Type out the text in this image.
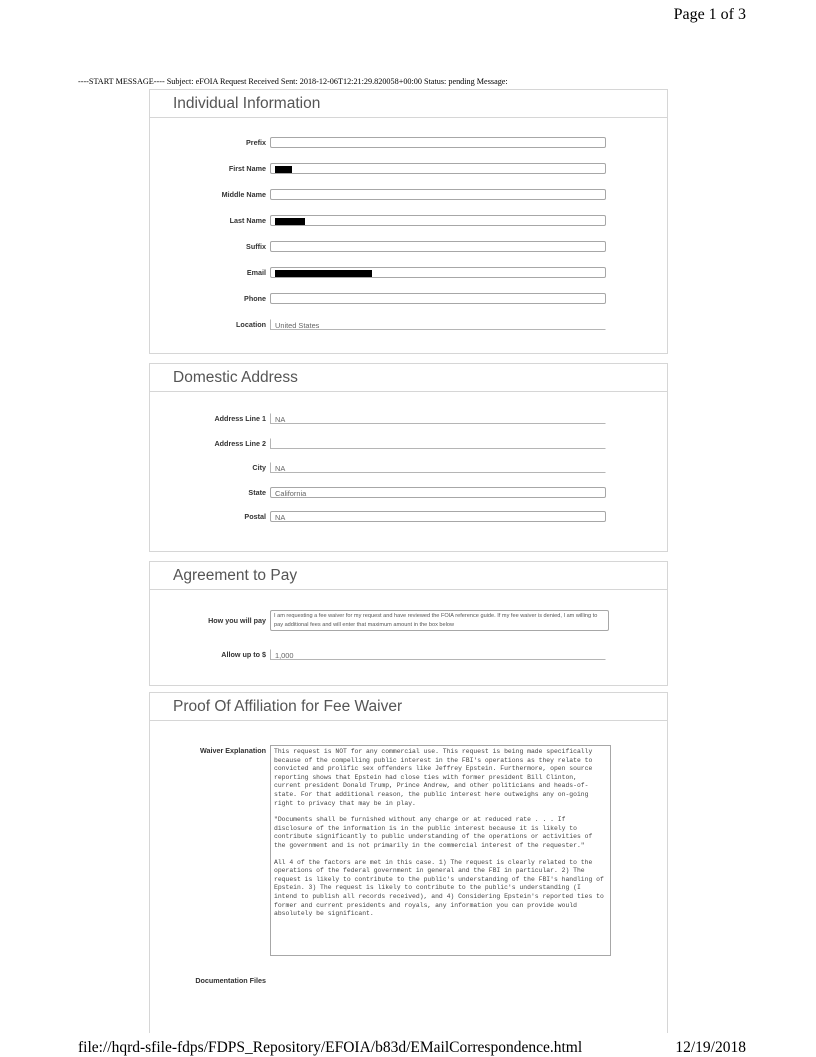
Page 1 of 3
----START MESSAGE---- Subject: eFOIA Request Received Sent: 2018-12-06T12:21:29.820058+00:00 Status: pending Message:
Individual Information
Prefix
First Name
Middle Name
Last Name
Suffix
Email
Phone
Location	United States
Domestic Address
Address Line 1	NA
Address Line 2
City	NA
State	California
Postal	NA
Agreement to Pay
How you will pay	I am requesting a fee waiver for my request and have reviewed the FOIA reference guide. If my fee waiver is denied, I am willing to pay additional fees and will enter that maximum amount in the box below
Allow up to $	1,000
Proof Of Affiliation for Fee Waiver
Waiver Explanation This request is NOT for any commercial use. This request is being made specifically because of the compelling public interest in the FBI's operations as they relate to convicted and prolific sex offenders like Jeffrey Epstein. Furthermore, open source reporting shows that Epstein had close ties with former president Bill Clinton, current president Donald Trump, Prince Andrew, and other politicians and heads-of-state. For that additional reason, the public interest here outweighs any on-going right to privacy that may be in play.

"Documents shall be furnished without any charge or at reduced rate . . . If disclosure of the information is in the public interest because it is likely to contribute significantly to public understanding of the operations or activities of the government and is not primarily in the commercial interest of the requester."

All 4 of the factors are met in this case. 1) The request is clearly related to the operations of the federal government in general and the FBI in particular. 2) The request is likely to contribute to the public's understanding of the FBI's handling of Epstein. 3) The request is likely to contribute to the public's understanding (I intend to publish all records received), and 4) Considering Epstein's reported ties to former and current presidents and royals, any information you can provide would absolutely be significant.

Documentation Files
file://hqrd-sfile-fdps/FDPS_Repository/EFOIA/b83d/EMailCorrespondence.html	12/19/2018
